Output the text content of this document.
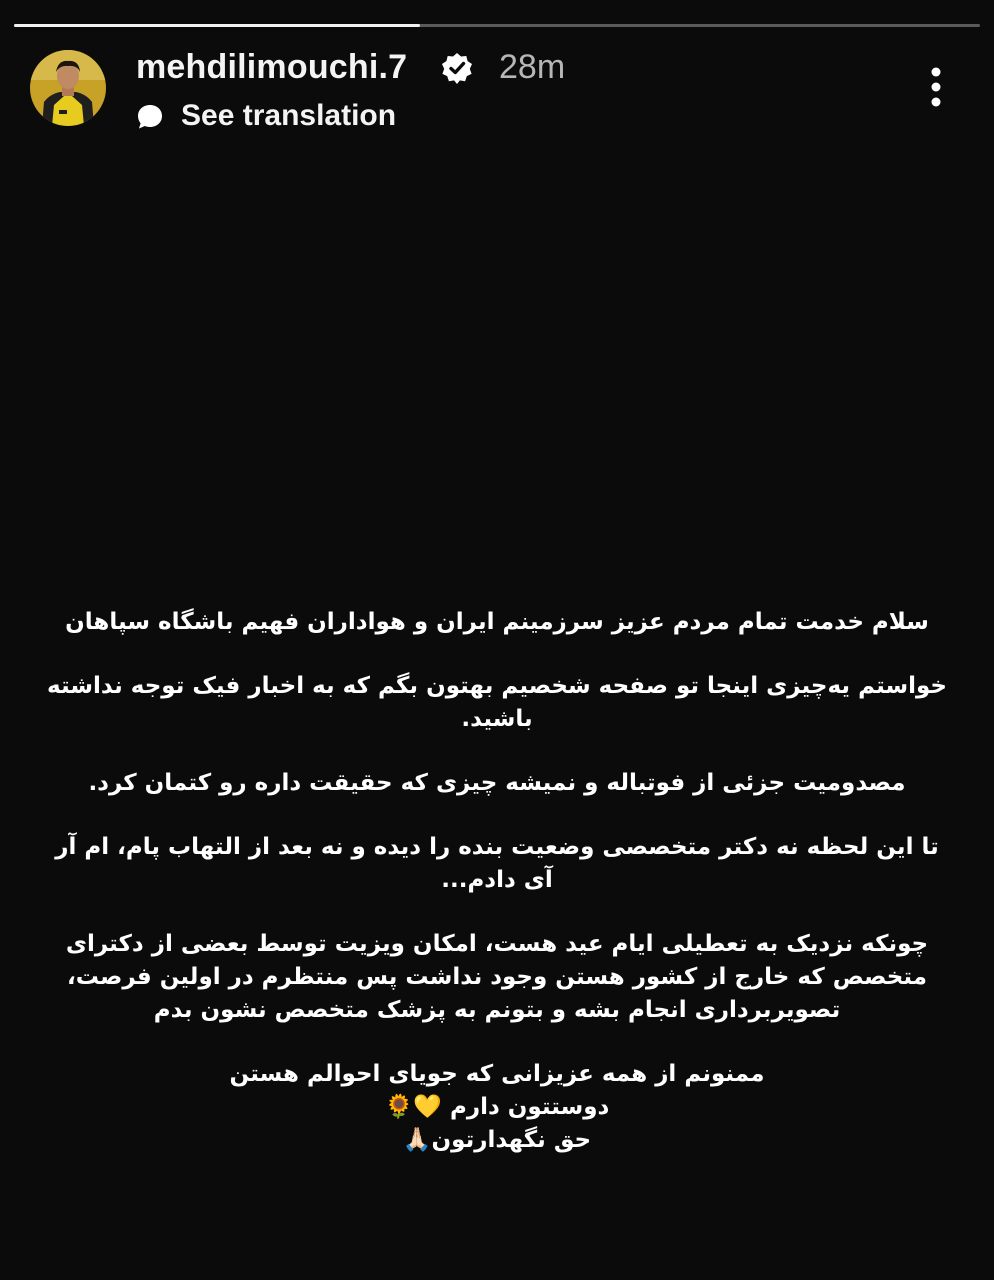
mehdilimouchi.7	28m
See translation

سلام خدمت تمام مردم عزیز سرزمینم ایران و هواداران فهیم باشگاه سپاهان

خواستم یه‌چیزی اینجا تو صفحه شخصیم بهتون بگم که به اخبار فیک توجه نداشته باشید.

مصدومیت جزئی از فوتباله و نمیشه چیزی که حقیقت داره رو کتمان کرد.

تا این لحظه نه دکتر متخصصی وضعیت بنده را دیده و نه بعد از التهاب پام، ام آر آی دادم...

چونکه نزدیک به تعطیلی ایام عید هست، امکان ویزیت توسط بعضی از دکترای متخصص که خارج از کشور هستن وجود نداشت پس منتظرم در اولین فرصت، تصویربرداری انجام بشه و بتونم به پزشک متخصص نشون بدم

ممنونم از همه عزیزانی که جویای احوالم هستن
دوستتون دارم 💛🌻
حق نگهدارتون🙏🏻
